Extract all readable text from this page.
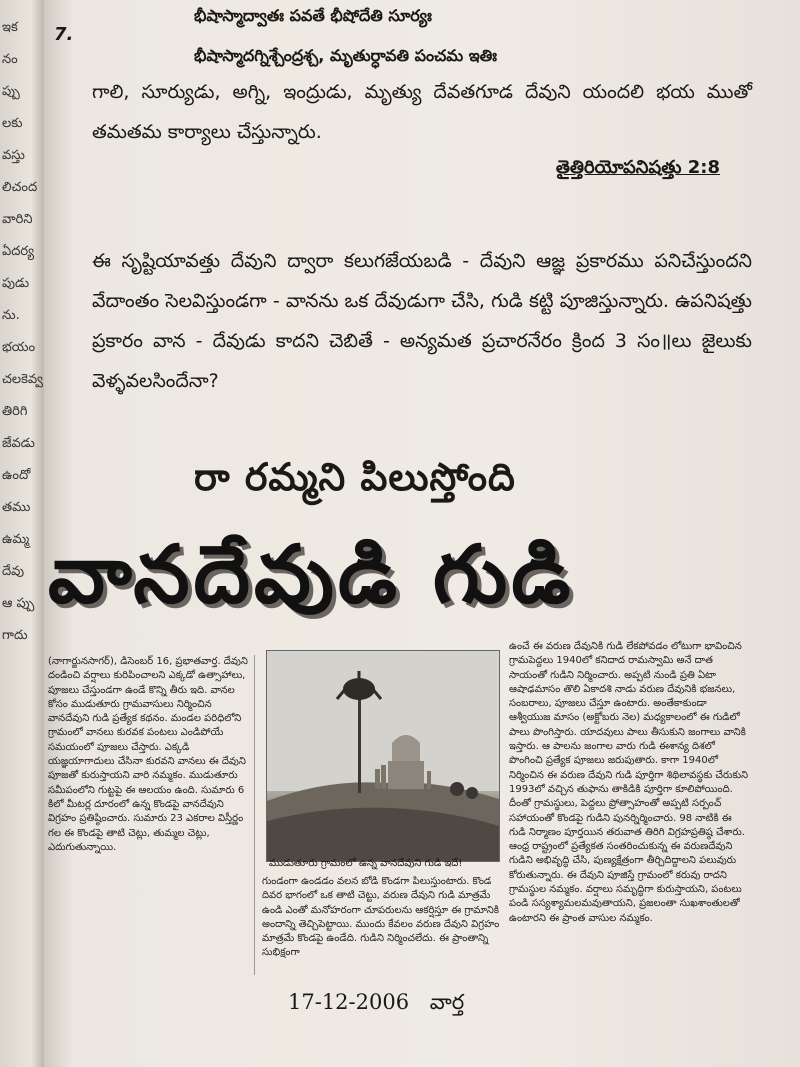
ఇక
నం
ప్పు
లకు
వస్తు
లిచంద
వారిని
ఏదర్య
పుడు
ను.
భయం
చలకెవ్వ
తిరిగి
జేవడు
ఉందో
తము
ఉమ్మ
దేవు
ఆ ప్పు
గాదు
7.
భీషాస్మాద్వాతః పవతే భీషోదేతి సూర్యః
భీషాస్మాదగ్నిశ్చేంద్రశ్చ, మృతుర్ధావతి పంచమ ఇతిః
గాలి, సూర్యుడు, అగ్ని, ఇంద్రుడు, మృత్యు దేవతగూడ దేవుని యందలి భయ ముతో తమతమ కార్యాలు చేస్తున్నారు.
తైత్తిరియోపనిషత్తు 2:8
ఈ సృష్టియావత్తు దేవుని ద్వారా కలుగజేయబడి - దేవుని ఆజ్ఞ ప్రకారము పనిచేస్తుందని వేదాంతం సెలవిస్తుండగా - వానను ఒక దేవుడుగా చేసి, గుడి కట్టి పూజిస్తున్నారు. ఉపనిషత్తు ప్రకారం వాన - దేవుడు కాదని చెబితే - అన్యమత ప్రచారనేరం క్రింద 3 సం॥లు జైలుకు వెళ్ళవలసిందేనా?
రా రమ్మని పిలుస్తోంది
వానదేవుడి గుడి
(నాగార్జునసాగర్), డిసెంబర్ 16, ప్రభాతవార్త. దేవుని దండించి వర్షాలు కురిపించాలని ఎక్కడో ఉత్సాహాలు, పూజలు చేస్తుండగా ఉండే కొన్ని తీరు ఇది. వానల కోసం ముడుతూరు గ్రామవాసులు నిర్మించిన వానదేవుని గుడి ప్రత్యేక కథనం. మండల పరిధిలోని గ్రామంలో వానలు కురవక పంటలు ఎండిపోయే సమయంలో పూజలు చేస్తారు. ఎక్కడి యజ్ఞయాగాదులు చేసినా కురవని వానలు ఈ దేవుని పూజతో కురుస్తాయని వారి నమ్మకం. ముడుతూరు సమీపంలోని గుట్టపై ఈ ఆలయం ఉంది. సుమారు 6 కిలో మీటర్ల దూరంలో ఉన్న కొండపై వానదేవుని విగ్రహం ప్రతిష్ఠించారు. సుమారు 23 ఎకరాల విస్తీర్ణం గల ఈ కొండపై తాటి చెట్లు, తుమ్మల చెట్లు, ఎదుగుతున్నాయి.
ముడుతూరు గ్రామంలో ఉన్న వానదేవుని గుడి ఇదే!
గుండంగా ఉండడం వలన బోడి కొండగా పిలుస్తుంటారు. కొండ దివర భాగంలో ఒక తాటి చెట్టు, వరుణ దేవుని గుడి మాత్రమే ఉండి ఎంతో మనోహరంగా చూపరులను ఆకర్షిస్తూ ఈ గ్రామానికి అందాన్ని తెచ్చిపెట్టాయి. ముందు కేవలం వరుణ దేవుని విగ్రహం మాత్రమే కొండపై ఉండేది. గుడిని నిర్మించలేదు. ఈ ప్రాంతాన్ని సుభిక్షంగా
ఉంచే ఈ వరుణ దేవునికి గుడి లేకపోవడం లోటుగా భావించిన గ్రామపెద్దలు 1940లో కనిదాద రామస్వామి అనే దాత సాయంతో గుడిని నిర్మించారు. అప్పటి నుండి ప్రతి ఏటా ఆషాఢమాసం తొలి ఏకాదశి నాడు వరుణ దేవునికి భజనలు, సంబరాలు, పూజలు చేస్తూ ఉంటారు. అంతేకాకుండా ఆశ్వీయుజ మాసం (అక్టోబరు నెల) మధ్యకాలంలో ఈ గుడిలో పాలు పొంగిస్తారు. యాదవులు పాలు తీసుకుని జంగాలు వానికి ఇస్తారు. ఆ పాలను జంగాల వారు గుడి ఈశాన్య దిశలో పొంగించి ప్రత్యేక పూజలు జరుపుతారు. కాగా 1940లో నిర్మించిన ఈ వరుణ దేవుని గుడి పూర్తిగా శిథిలావస్థకు చేరుకుని 1993లో వచ్చిన తుఫాను తాకిడికి పూర్తిగా కూలిపోయింది. దీంతో గ్రామస్థులు, పెద్దలు ప్రోత్సాహంతో అప్పటి సర్పంచ్ సహాయంతో కొండపై గుడిని పునర్నిర్మించారు. 98 నాటికి ఈ గుడి నిర్మాణం పూర్తయిన తరువాత తిరిగి విగ్రహప్రతిష్ఠ చేశారు. ఆంధ్ర రాష్ట్రంలో ప్రత్యేకత సంతరించుకున్న ఈ వరుణదేవుని గుడిని అభివృద్ధి చేసి, పుణ్యక్షేత్రంగా తీర్చిదిద్దాలని పలువురు కోరుతున్నారు. ఈ దేవుని పూజిస్తే గ్రామంలో కరువు రాదని గ్రామస్థుల నమ్మకం. వర్షాలు సమృద్ధిగా కురుస్తాయని, పంటలు పండి సస్యశ్యామలమవుతాయని, ప్రజలంతా సుఖశాంతులతో ఉంటారని ఈ ప్రాంత వాసుల నమ్మకం.
17-12-2006 వార్త
